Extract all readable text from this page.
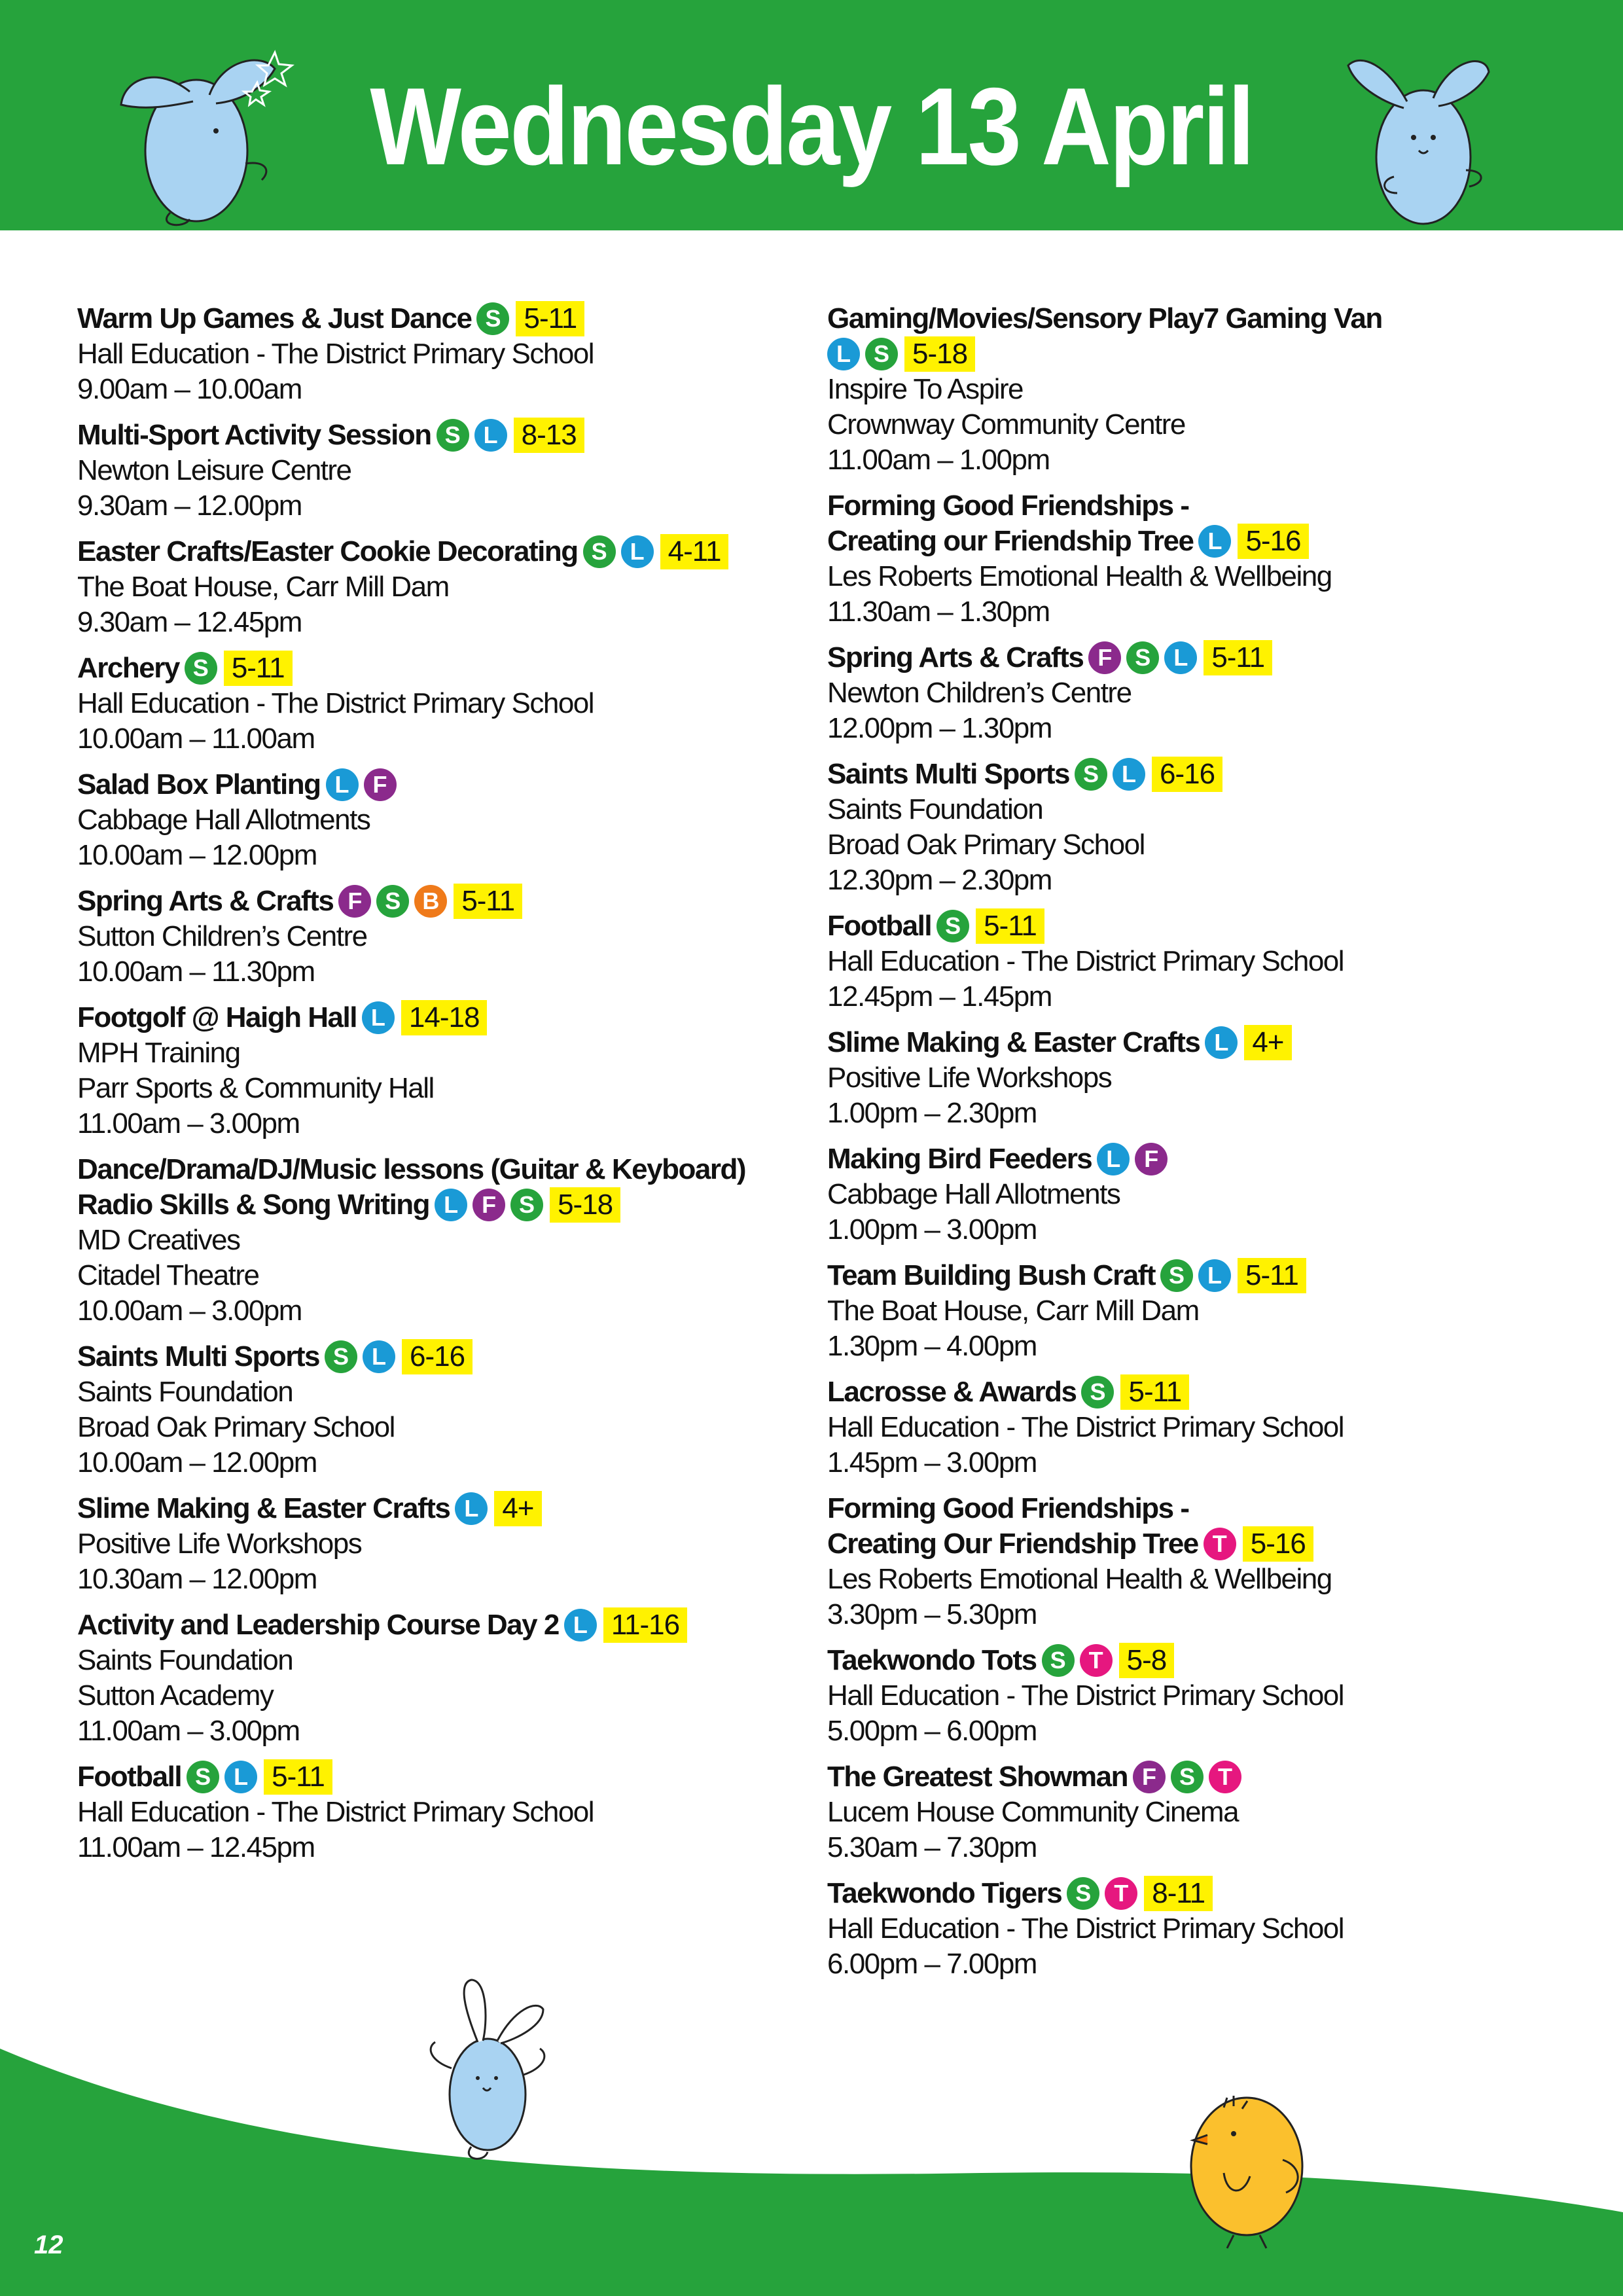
Wednesday 13 April
Warm Up Games & Just Dance S 5-11
Hall Education - The District Primary School
9.00am – 10.00am
Multi-Sport Activity Session S L 8-13
Newton Leisure Centre
9.30am – 12.00pm
Easter Crafts/Easter Cookie Decorating S L 4-11
The Boat House, Carr Mill Dam
9.30am – 12.45pm
Archery S 5-11
Hall Education - The District Primary School
10.00am – 11.00am
Salad Box Planting L	F
Cabbage Hall Allotments
10.00am – 12.00pm
Spring Arts & Crafts F S B 5-11
Sutton Children’s Centre
10.00am – 11.30pm
Footgolf @ Haigh Hall L 14-18
MPH Training
Parr Sports & Community Hall
11.00am – 3.00pm
Dance/Drama/DJ/Music lessons (Guitar & Keyboard)
Radio Skills & Song Writing L	F S 5-18
MD Creatives
Citadel Theatre
10.00am – 3.00pm
Saints Multi Sports S L 6-16
Saints Foundation
Broad Oak Primary School
10.00am – 12.00pm
Slime Making & Easter Crafts L 4+
Positive Life Workshops
10.30am – 12.00pm
Activity and Leadership Course Day 2 L 11-16
Saints Foundation
Sutton Academy
11.00am – 3.00pm
Football S L 5-11
Hall Education - The District Primary School
11.00am – 12.45pm
Gaming/Movies/Sensory Play7 Gaming Van
L S 5-18
Inspire To Aspire
Crownway Community Centre
11.00am – 1.00pm
Forming Good Friendships -
Creating our Friendship Tree L 5-16
Les Roberts Emotional Health & Wellbeing
11.30am – 1.30pm
Spring Arts & Crafts F S L 5-11
Newton Children’s Centre
12.00pm – 1.30pm
Saints Multi Sports S L 6-16
Saints Foundation
Broad Oak Primary School
12.30pm – 2.30pm
Football S 5-11
Hall Education - The District Primary School
12.45pm – 1.45pm
Slime Making & Easter Crafts L 4+
Positive Life Workshops
1.00pm – 2.30pm
Making Bird Feeders L	F
Cabbage Hall Allotments
1.00pm – 3.00pm
Team Building Bush Craft S L 5-11
The Boat House, Carr Mill Dam
1.30pm – 4.00pm
Lacrosse & Awards S 5-11
Hall Education - The District Primary School
1.45pm – 3.00pm
Forming Good Friendships -
Creating Our Friendship Tree T 5-16
Les Roberts Emotional Health & Wellbeing
3.30pm – 5.30pm
Taekwondo Tots S T 5-8
Hall Education - The District Primary School
5.00pm – 6.00pm
The Greatest Showman F S T
Lucem House Community Cinema
5.30am – 7.30pm
Taekwondo Tigers S T 8-11
Hall Education - The District Primary School
6.00pm – 7.00pm
12
